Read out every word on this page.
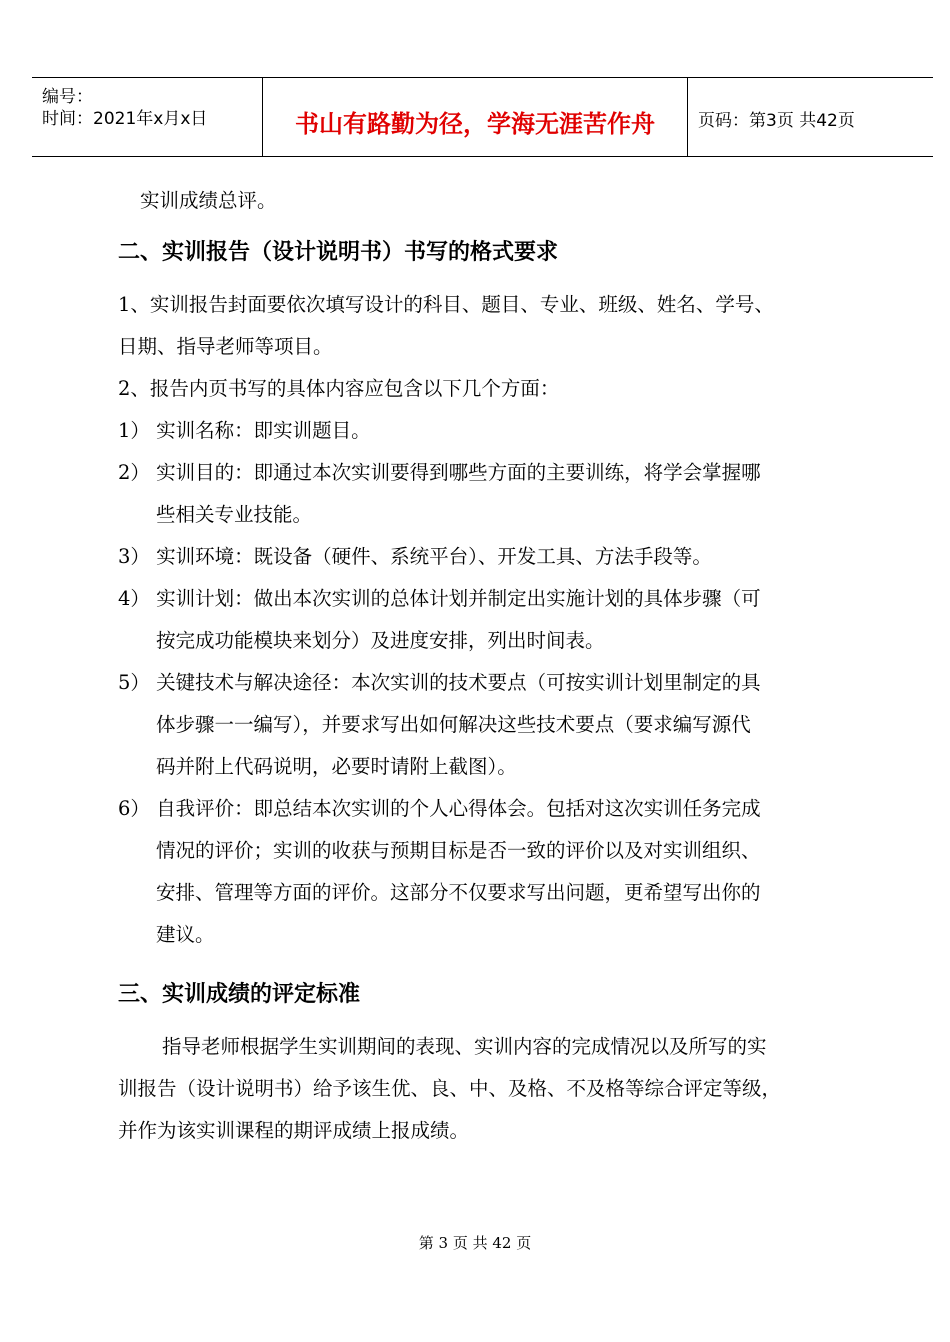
编号：
时间：2021年x月x日	书山有路勤为径，学海无涯苦作舟	页码：第3页 共42页

实训成绩总评。

二、实训报告（设计说明书）书写的格式要求

1、实训报告封面要依次填写设计的科目、题目、专业、班级、姓名、学号、

日期、指导老师等项目。

2、报告内页书写的具体内容应包含以下几个方面：

1） 实训名称：即实训题目。

2） 实训目的：即通过本次实训要得到哪些方面的主要训练，将学会掌握哪

些相关专业技能。

3） 实训环境：既设备（硬件、系统平台）、开发工具、方法手段等。

4） 实训计划：做出本次实训的总体计划并制定出实施计划的具体步骤（可

按完成功能模块来划分）及进度安排，列出时间表。

5） 关键技术与解决途径：本次实训的技术要点（可按实训计划里制定的具

体步骤一一编写），并要求写出如何解决这些技术要点（要求编写源代

码并附上代码说明，必要时请附上截图）。

6） 自我评价：即总结本次实训的个人心得体会。包括对这次实训任务完成

情况的评价；实训的收获与预期目标是否一致的评价以及对实训组织、

安排、管理等方面的评价。这部分不仅要求写出问题，更希望写出你的

建议。

三、实训成绩的评定标准

指导老师根据学生实训期间的表现、实训内容的完成情况以及所写的实

训报告（设计说明书）给予该生优、良、中、及格、不及格等综合评定等级，

并作为该实训课程的期评成绩上报成绩。

第 3 页 共 42 页
